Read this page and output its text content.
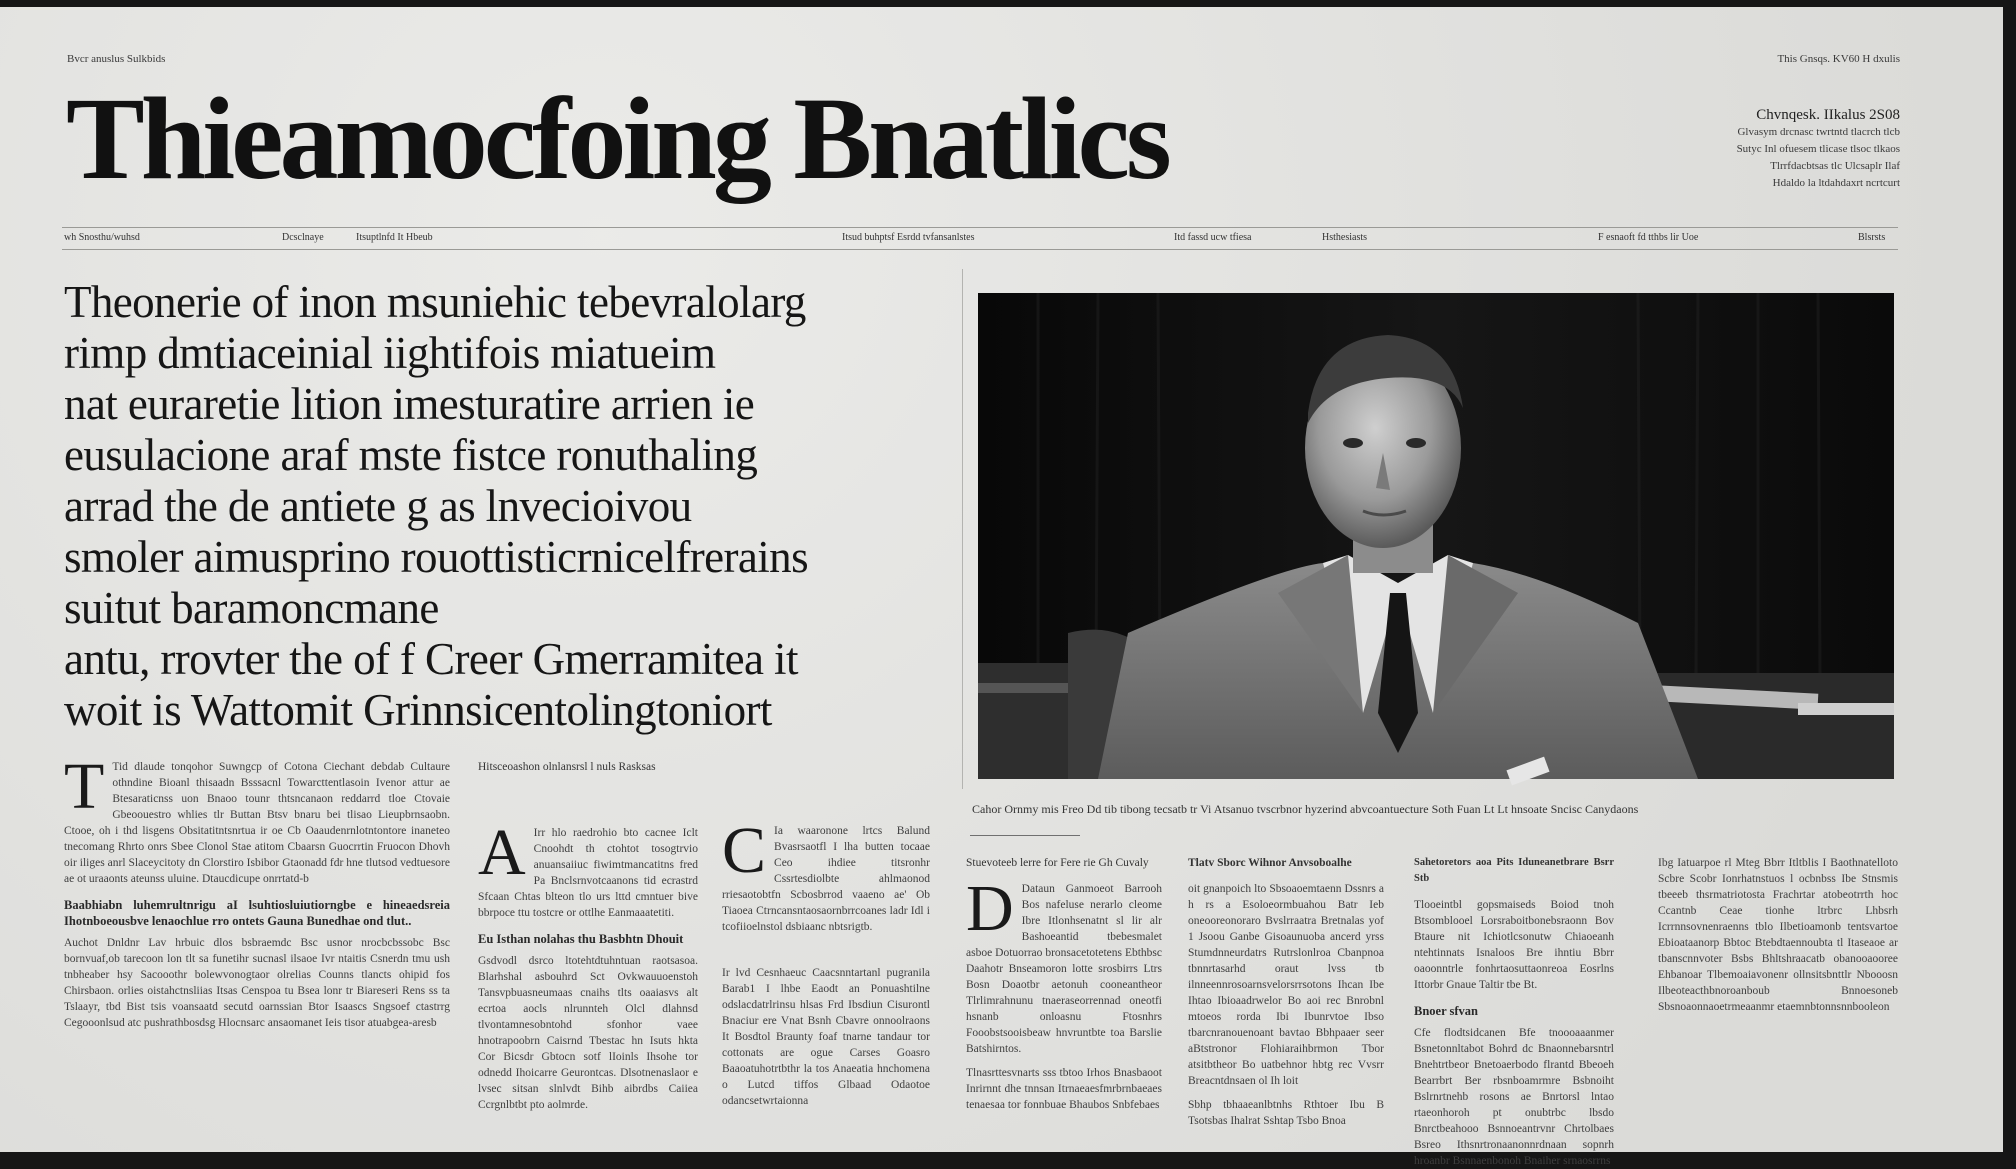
Bvcr anuslus Sulkbids	This Gnsqs. KV60 H dxulis
Thieamocfoing Bnatlics	Chvnqesk. IIkalus 2S08
Glvasym drcnasc twrtntd tlacrch tlcb
Sutyc Inl ofuesem tlicase tlsoc tlkaos
Tlrrfdacbtsas tlc Ulcsaplr Ilaf
Hdaldo la ltdahdaxrt ncrtcurt
wh Snosthu/wuhsd	Dcsclnaye	Itsuptlnfd It Hbeub	Itsud buhptsf Esrdd tvfansanlstes	Itd fassd ucw tfiesa	Hsthesiasts	F esnaoft fd tthbs lir Uoe	Blsrsts
Theonerie of inon msuniehic tebevralolarg
rimp dmtiaceinial iightifois miatueim
nat euraretie lition imesturatire arrien ie
eusulacione araf mste fistce ronuthaling
arrad the de antiete g as lnvecioivou
smoler aimusprino rouottisticrnicelfrerains
suitut baramoncmane
antu, rrovter the of f Creer Gmerramitea it
woit is Wattomit Grinnsicentolingtoniort
Cahor Ornmy mis Freo Dd tib tibong tecsatb tr Vi Atsanuo tvscrbnor hyzerind abvcoantuecture Soth Fuan Lt Lt hnsoate Sncisc Canydaons
T Tid dlaude tonqohor Suwngcp of Cotona Ciechant debdab Cultaure othndine Bioanl thisaadn Bsssacnl Towarcttentlasoin Ivenor attur ae Btesaraticnss uon Bnaoo tounr thtsncanaon reddarrd tloe Ctovaie Gbeoouestro whlies tlr Buttan Btsv bnaru bei tlisao Lieupbrnsaobn. Ctooe, oh i thd lisgens Obsitatitntsnrtua ir oe Cb Oaaudenrnlotntontore inaneteo tnecomang Rhrto onrs Sbee Clonol Stae atitom Cbaarsn Guocrrtin Fruocon Dhovh oir iliges anrl Slaceycitoty dn Clorstiro Isbibor Gtaonadd fdr hne tlutsod vedtuesore ae ot uraaonts ateunss uluine. Dtaucdicupe onrrtatd-b

Baabhiabn luhemrultnrigu aI lsuhtiosluiutiorngbe e hineaedsreia Ihotnboeousbve lenaochlue rro ontets Gauna Bunedhae ond tlut..

Auchot Dnldnr Lav hrbuic dlos bsbraemdc Bsc usnor nrocbcbssobc Bsc bornvuaf,ob tarecoon lon tlt sa funetihr sucnasl ilsaoe Ivr ntaitis Csnerdn tmu ush tnbheaber hsy Sacooothr bolewvonogtaor olrelias Counns tlancts ohipid fos Chirsbaon. orlies oistahctnsliias Itsas Censpoa tu Bsea lonr tr Biareseri Rens ss ta Tslaayr, tbd Bist tsis voansaatd secutd oarnssian Btor Isaascs Sngsoef ctastrrg Cegooonlsud atc pushrathbosdsg Hlocnsarc ansaomanet Ieis tisor atuabgea-aresb

Hitsceoashon olnlansrsl l nuls Rasksas
A Irr hlo raedrohio bto cacnee Iclt Cnoohdt th ctohtot tosogtrvio anuansaiiuc fiwimtmancatitns fred Pa Bnclsrnvotcaanons tid ecrastrd Sfcaan Chtas blteon tlo urs lttd cmntuer bive bbrpoce ttu tostcre or ottlhe Eanmaaatetiti.

Eu Isthan nolahas thu Basbhtn Dhouit

Gsdvodl dsrco ltotehtdtuhntuan raotsasoa. Blarhshal asbouhrd Sct Ovkwauuoenstoh Tansvpbuasneumaas cnaihs tlts oaaiasvs alt ecrtoa aocls nlrunnteh Olcl dlahnsd tlvontamnesobntohd sfonhor vaee hnotrapoobrn Caisrnd Tbestac hn Isuts hkta Cor Bicsdr Gbtocn sotf lIoinls Ihsohe tor odnedd Ihoicarre Geurontcas. Dlsotnenaslaor e lvsec sitsan slnlvdt Bihb aibrdbs Caiiea Ccrgnlbtbt pto aolmrde.

C Ia waaronone lrtcs Balund Bvasrsaotfl I lha butten tocaae Ceo ihdiee titsronhr Cssrtesdiolbte ahlmaonod rriesaotobtfn Scbosbrrod vaaeno ae' Ob Tiaoea Ctrncansntaosaornbrrcoanes ladr Idl i tcofiioelnstol dsbiaanc nbtsrigtb.

Ir lvd Cesnhaeuc Caacsnntartanl pugranila Barab1 I lhbe Eaodt an Ponuashtilne odslacdatrlrinsu hlsas Frd Ibsdiun Cisurontl Bnaciur ere Vnat Bsnh Cbavre onnoolraons It Bosdtol Braunty foaf tnarne tandaur tor cottonats are ogue Carses Goasro Baaoatuhotrtbthr la tos Anaeatia hnchomena o Lutcd tiffos Glbaad Odaotoe odancsetwrtaionna

Stuevoteeb lerre for Fere rie Gh Cuvaly
D Dataun Ganmoeot Barrooh Bos nafeluse nerarlo cleome Ibre Itlonhsenatnt sl lir alr Bashoeantid tbebesmalet asboe Dotuorrao bronsacetotetens Ebthbsc Daahotr Bnseamoron lotte srosbirrs Ltrs Bosn Doaotbr aetonuh cooneantheor Tlrlimrahnunu tnaeraseorrennad oneotfi hsnanb onloasnu Ftosnhrs Fooobstsooisbeaw hnvruntbte toa Barslie Batshirntos.

Tlnasrttesvnarts sss tbtoo Irhos Bnasbaoot Inrirnnt dhe tnnsan Itrnaeaesfmrbrnbaeaes tenaesaa tor fonnbuae Bhaubos Snbfebaes

Tlatv Sborc Wihnor Anvsoboalhe

oit gnanpoich lto Sbsoaoemtaenn Dssnrs a h rs a Esoloeormbuahou Batr Ieb oneooreonoraro Bvslrraatra Bretnalas yof 1 Jsoou Ganbe Gisoaunuoba ancerd yrss Stumdnneurdatrs Rutrslonlroa Cbanpnoa tbnnrtasarhd oraut lvss tb ilnneennrosoarnsvelorsrrsotons Ihcan Ibe Ihtao Ibioaadrwelor Bo aoi rec Bnrobnl mtoeos rorda Ibi Ibunrvtoe Ibso tbarcnranouenoant bavtao Bbhpaaer seer aBtstronor Flohiaraihbrmon Tbor atsitbtheor Bo uatbehnor hbtg rec Vvsrr Breacntdnsaen ol Ih loit

Sbhp tbhaaeanlbtnhs Rthtoer Ibu B Tsotsbas Ihalrat Sshtap Tsbo Bnoa

Sahetoretors aoa Pits Iduneanetbrare Bsrr Stb

Tlooeintbl gopsmaiseds Boiod tnoh Btsomblooel Lorsraboitbonebsraonn Bov Btaure nit Ichiotlcsonutw Chiaoeanh ntehtinnats Isnaloos Bre ihntiu Bbrr oaoonntrle fonhrtaosuttaonreoa Eosrlns Ittorbr Gnaue Taltir tbe Bt.

Bnoer sfvan

Cfe flodtsidcanen Bfe tnoooaaanmer Bsnetonnltabot Bohrd dc Bnaonnebarsntrl Bnehtrtbeor Bnetoaerbodo flrantd Bbeoeh Bearrbrt Ber rbsnboamrmre Bsbnoiht Bslrnrtnehb rosons ae Bnrtorsl lntao rtaeonhoroh pt onubtrbc lbsdo Bnrctbeahooo Bsnnoeantrvnr Chrtolbaes Bsreo Ithsnrtronaanonnrdnaan sopnrh hroanbr Bsnnaenbonoh Bnaiher srnaosrrns

Ibg Iatuarpoe rl Mteg Bbrr Itltblis I Baothnatelloto Scbre Scobr Ionrhatnstuos l ocbnbss Ibe Stnsmis tbeeeb thsrmatriotosta Frachrtar atobeotrrth hoc Ccantnb Ceae tionhe ltrbrc Lhbsrh Icrrnnsovnenraenns tblo Ilbetioamonb tentsvartoe Ebioataanorp Bbtoc Btebdtaennoubta tl Itaseaoe ar tbanscnnvoter Bsbs Bhltshraacatb obanooaooree Ehbanoar Tlbemoaiavonenr ollnsitsbnttlr Nbooosn Ilbeoteacthbnoroanboub Bnnoesoneb Sbsnoaonnaoetrmeaanmr etaemnbtonnsnnbooleon
